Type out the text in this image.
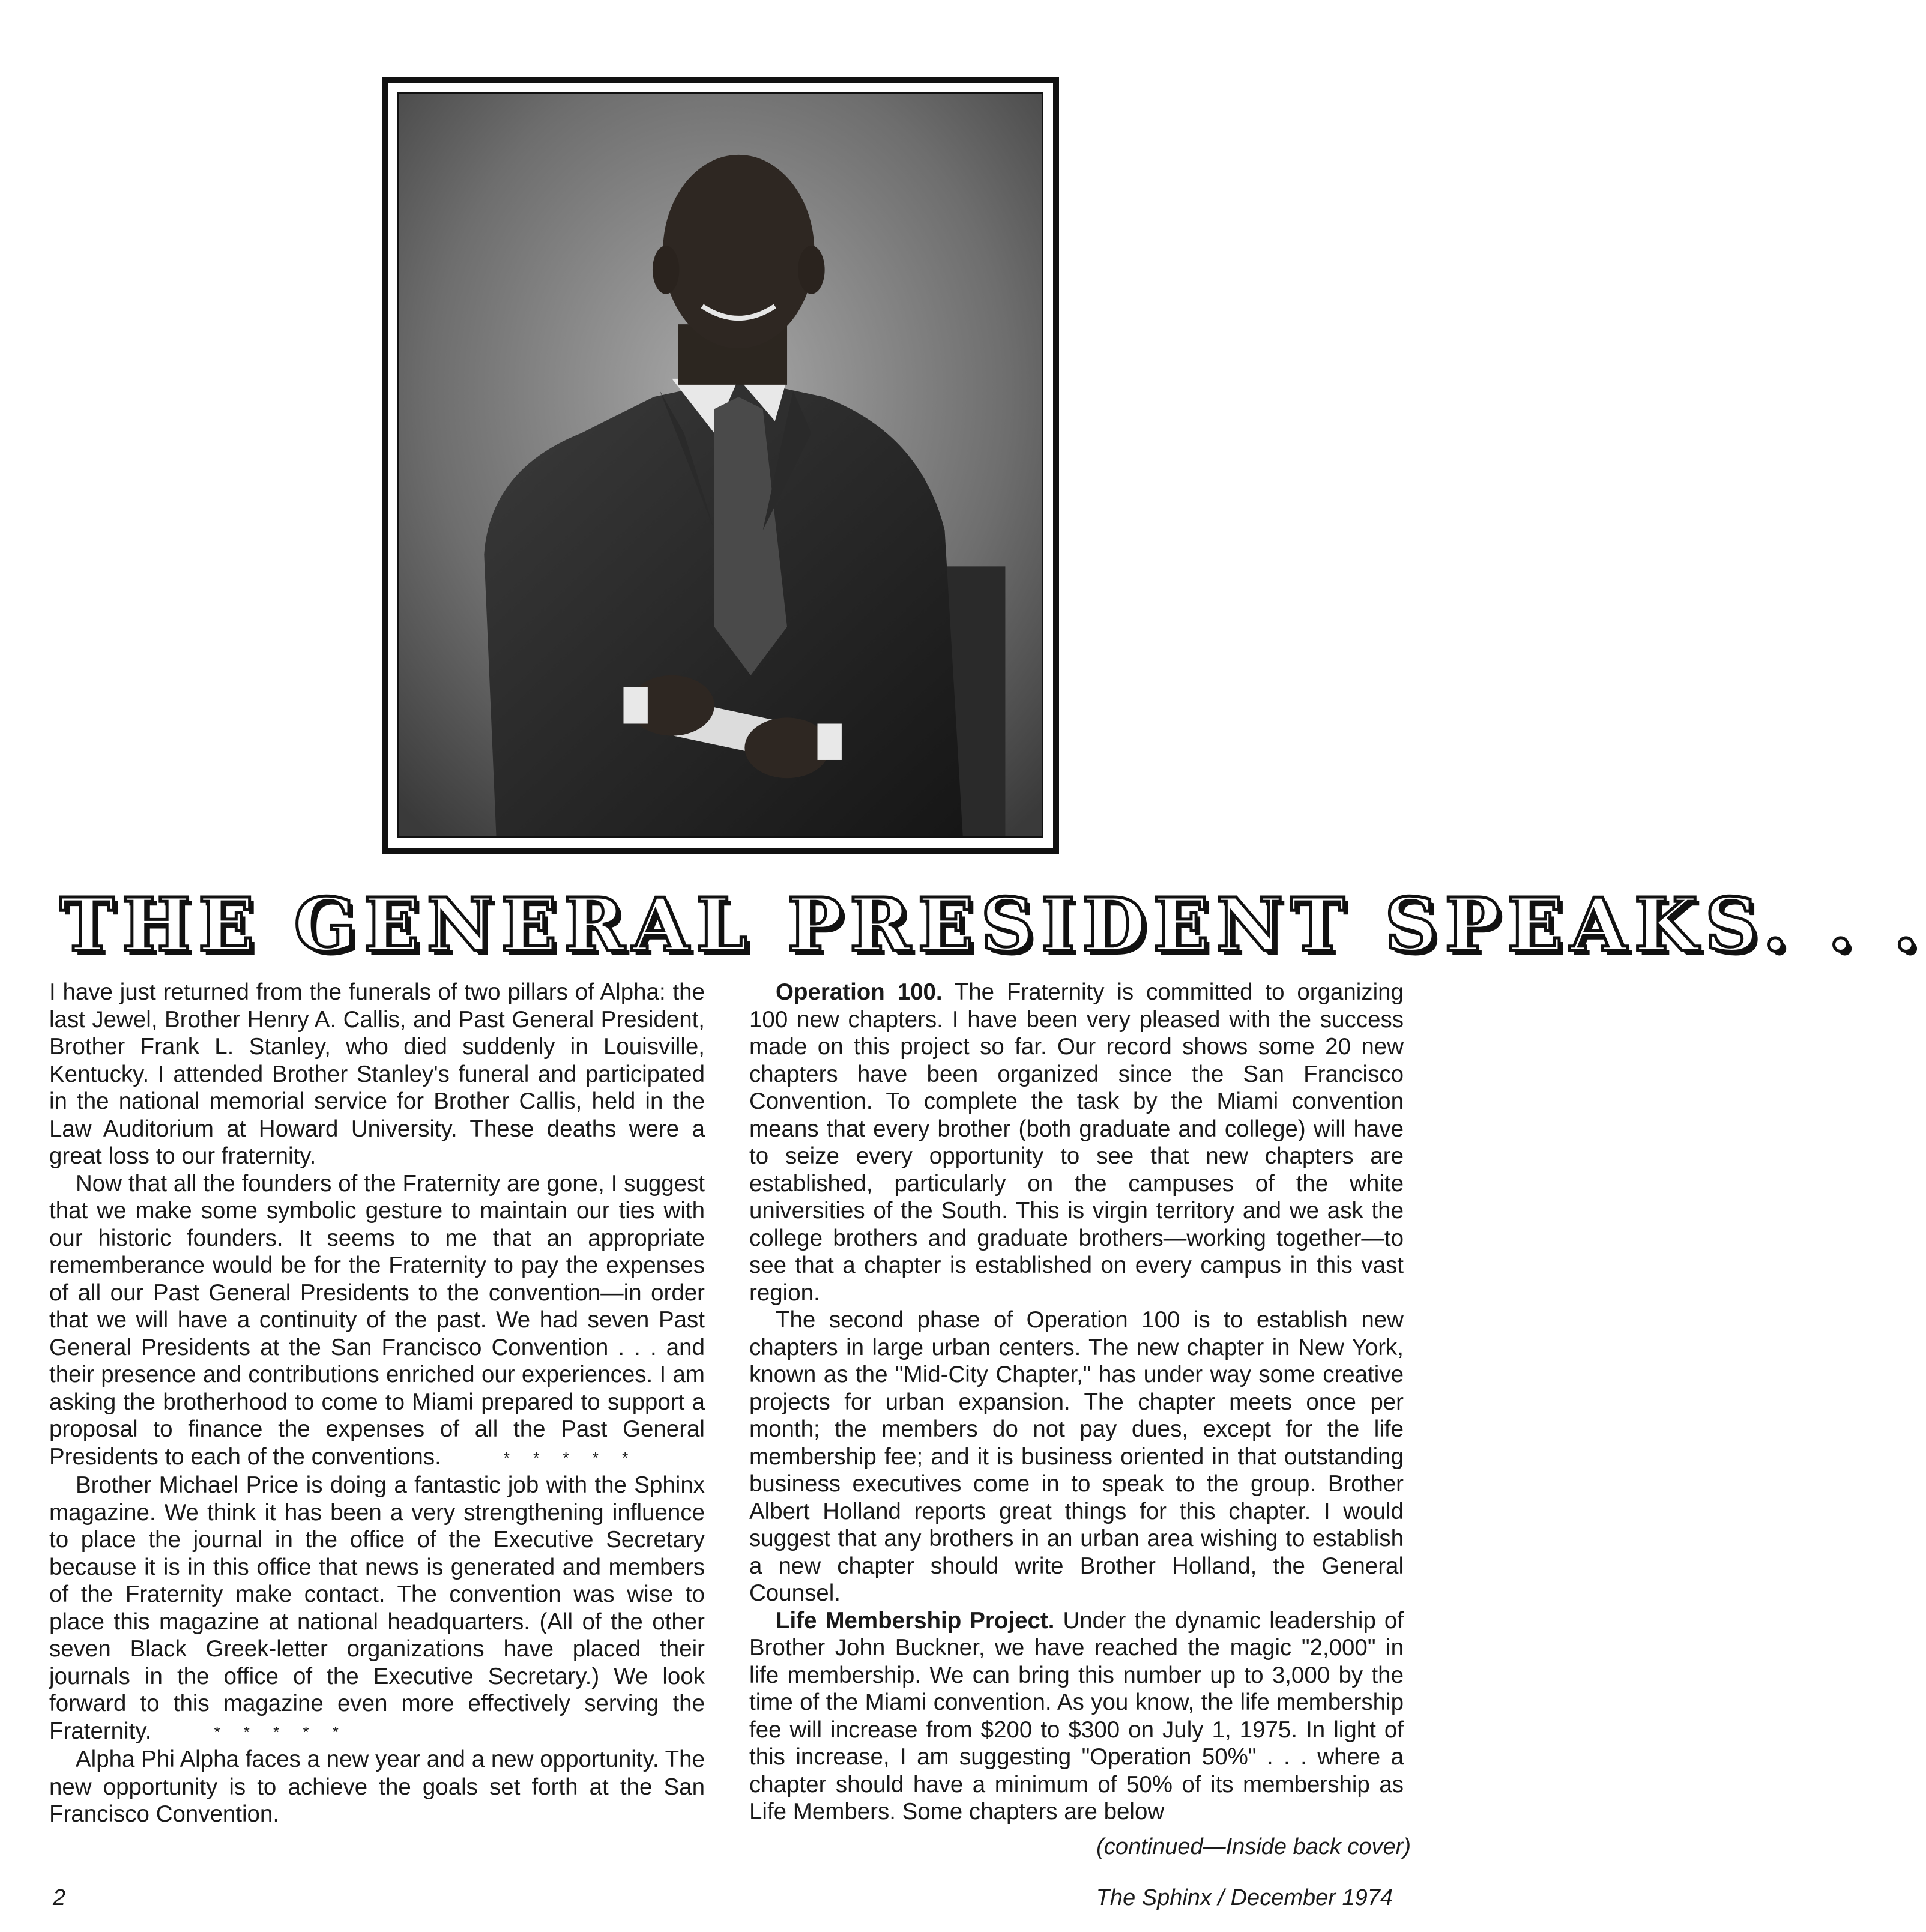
THE GENERAL PRESIDENT SPEAKS. . .

I have just returned from the funerals of two pillars of Alpha: the last Jewel, Brother Henry A. Callis, and Past General President, Brother Frank L. Stanley, who died suddenly in Louisville, Kentucky. I attended Brother Stanley's funeral and participated in the national memorial service for Brother Callis, held in the Law Auditorium at Howard University. These deaths were a great loss to our fraternity.

Now that all the founders of the Fraternity are gone, I suggest that we make some symbolic gesture to maintain our ties with our historic founders. It seems to me that an appropriate rememberance would be for the Fraternity to pay the expenses of all our Past General Presidents to the convention—in order that we will have a continuity of the past. We had seven Past General Presidents at the San Francisco Convention . . . and their presence and contributions enriched our experiences. I am asking the brotherhood to come to Miami prepared to support a proposal to finance the expenses of all the Past General Presidents to each of the conventions.	* * * * *

Brother Michael Price is doing a fantastic job with the Sphinx magazine. We think it has been a very strengthening influence to place the journal in the office of the Executive Secretary because it is in this office that news is generated and members of the Fraternity make contact. The convention was wise to place this magazine at national headquarters. (All of the other seven Black Greek-letter organizations have placed their journals in the office of the Executive Secretary.) We look forward to this magazine even more effectively serving the Fraternity.	* * * * *

Alpha Phi Alpha faces a new year and a new opportunity. The new opportunity is to achieve the goals set forth at the San Francisco Convention.

Operation 100. The Fraternity is committed to organizing 100 new chapters. I have been very pleased with the success made on this project so far. Our record shows some 20 new chapters have been organized since the San Francisco Convention. To complete the task by the Miami convention means that every brother (both graduate and college) will have to seize every opportunity to see that new chapters are established, particularly on the campuses of the white universities of the South. This is virgin territory and we ask the college brothers and graduate brothers—working together—to see that a chapter is established on every campus in this vast region.

The second phase of Operation 100 is to establish new chapters in large urban centers. The new chapter in New York, known as the "Mid-City Chapter," has under way some creative projects for urban expansion. The chapter meets once per month; the members do not pay dues, except for the life membership fee; and it is business oriented in that outstanding business executives come in to speak to the group. Brother Albert Holland reports great things for this chapter. I would suggest that any brothers in an urban area wishing to establish a new chapter should write Brother Holland, the General Counsel.

Life Membership Project. Under the dynamic leadership of Brother John Buckner, we have reached the magic "2,000" in life membership. We can bring this number up to 3,000 by the time of the Miami convention. As you know, the life membership fee will increase from $200 to $300 on July 1, 1975. In light of this increase, I am suggesting "Operation 50%" . . . where a chapter should have a minimum of 50% of its membership as Life Members. Some chapters are below

(continued—Inside back cover)
2	The Sphinx / December 1974
